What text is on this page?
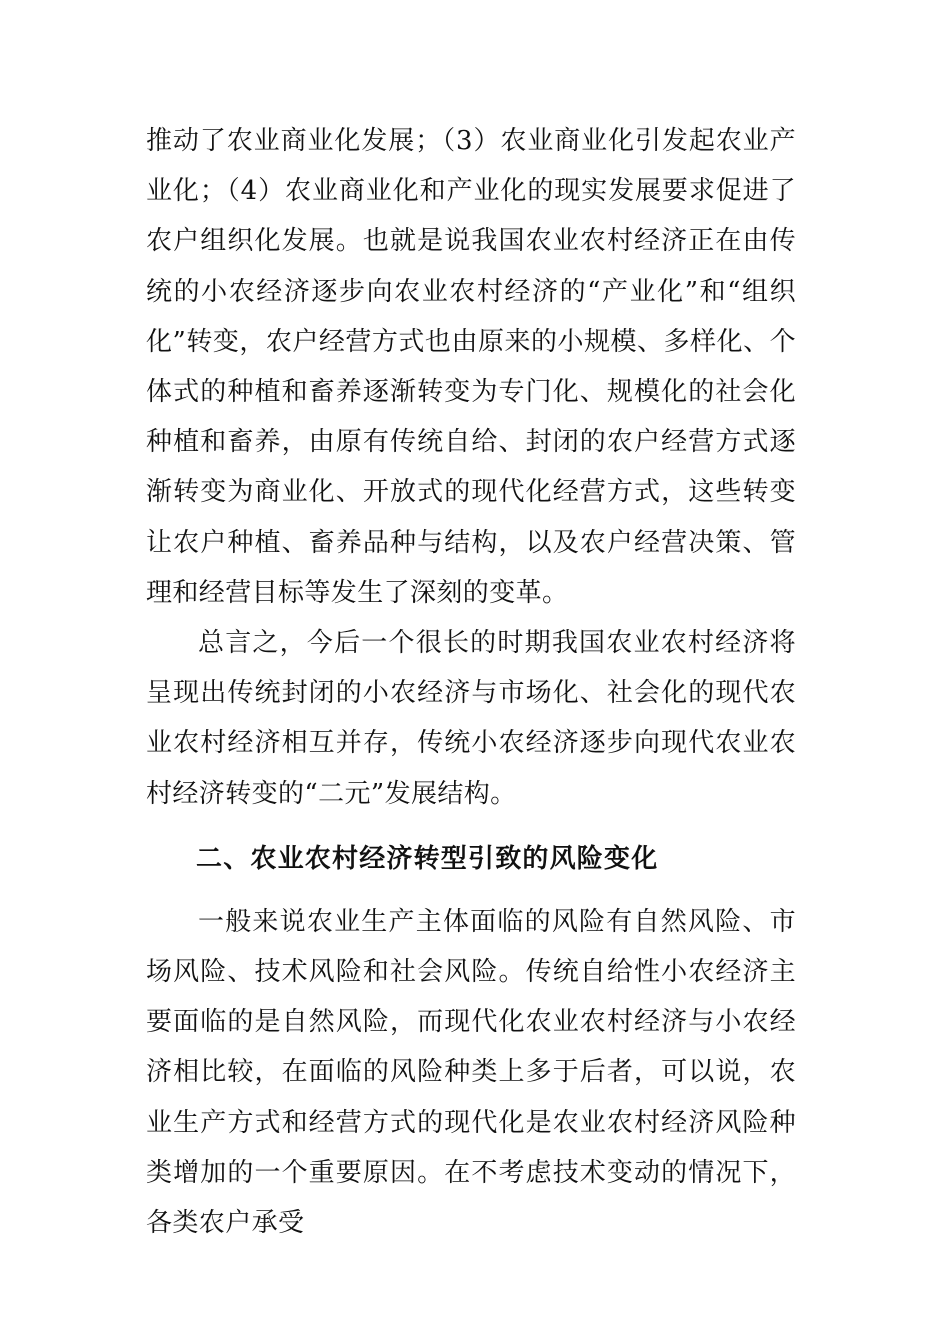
推动了农业商业化发展；（3）农业商业化引发起农业产业化；（4）农业商业化和产业化的现实发展要求促进了农户组织化发展。也就是说我国农业农村经济正在由传统的小农经济逐步向农业农村经济的“产业化”和“组织化”转变，农户经营方式也由原来的小规模、多样化、个体式的种植和畜养逐渐转变为专门化、规模化的社会化种植和畜养，由原有传统自给、封闭的农户经营方式逐渐转变为商业化、开放式的现代化经营方式，这些转变让农户种植、畜养品种与结构，以及农户经营决策、管理和经营目标等发生了深刻的变革。

总言之，今后一个很长的时期我国农业农村经济将呈现出传统封闭的小农经济与市场化、社会化的现代农业农村经济相互并存，传统小农经济逐步向现代农业农村经济转变的“二元”发展结构。

二、农业农村经济转型引致的风险变化

一般来说农业生产主体面临的风险有自然风险、市场风险、技术风险和社会风险。传统自给性小农经济主要面临的是自然风险，而现代化农业农村经济与小农经济相比较，在面临的风险种类上多于后者，可以说，农业生产方式和经营方式的现代化是农业农村经济风险种类增加的一个重要原因。在不考虑技术变动的情况下，各类农户承受
